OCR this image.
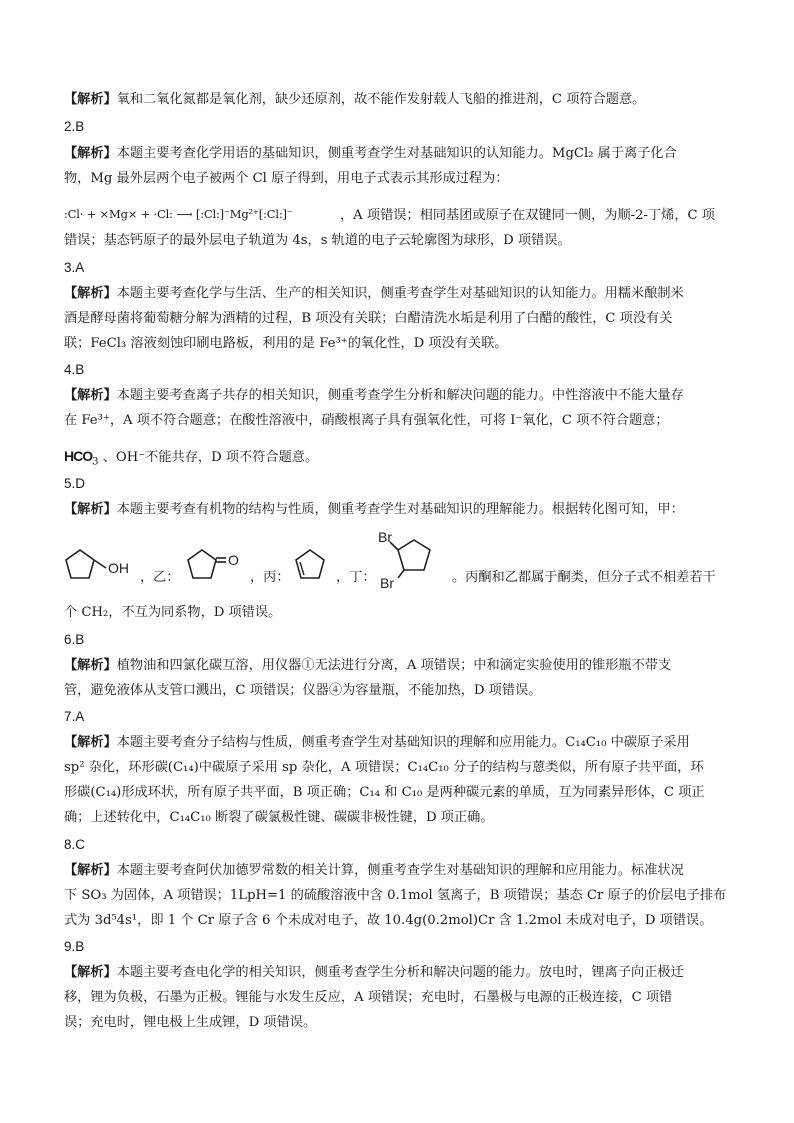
【解析】氧和二氧化氮都是氧化剂，缺少还原剂，故不能作发射载人飞船的推进剂，C 项符合题意。
2.B
【解析】本题主要考查化学用语的基础知识，侧重考查学生对基础知识的认知能力。MgCl₂ 属于离子化合
物，Mg 最外层两个电子被两个 Cl 原子得到，用电子式表示其形成过程为：
:Cl· + ×Mg× + ·Cl: ⟶ [:Cl:]⁻Mg²⁺[:Cl:]⁻	，A 项错误；相同基团或原子在双键同一侧，为顺-2-丁烯，C 项
错误；基态钙原子的最外层电子轨道为 4s，s 轨道的电子云轮廓图为球形，D 项错误。
3.A
【解析】本题主要考查化学与生活、生产的相关知识，侧重考查学生对基础知识的认知能力。用糯米酿制米
酒是酵母菌将葡萄糖分解为酒精的过程，B 项没有关联；白醋清洗水垢是利用了白醋的酸性，C 项没有关
联；FeCl₃ 溶液刻蚀印刷电路板，利用的是 Fe³⁺的氧化性，D 项没有关联。
4.B
【解析】本题主要考查离子共存的相关知识，侧重考查学生分析和解决问题的能力。中性溶液中不能大量存
在 Fe³⁺，A 项不符合题意；在酸性溶液中，硝酸根离子具有强氧化性，可将 I⁻氧化，C 项不符合题意；
$HCO_3$ 、OH⁻不能共存，D 项不符合题意。
5.D
【解析】本题主要考查有机物的结构与性质，侧重考查学生对基础知识的理解能力。根据转化图可知，甲：
OH
，乙：
O
，丙：	，丁：
Br
Br	。丙酮和乙都属于酮类，但分子式不相差若干
个 CH₂，不互为同系物，D 项错误。
6.B
【解析】植物油和四氯化碳互溶，用仪器①无法进行分离，A 项错误；中和滴定实验使用的锥形瓶不带支
管，避免液体从支管口溅出，C 项错误；仪器④为容量瓶，不能加热，D 项错误。
7.A
【解析】本题主要考查分子结构与性质，侧重考查学生对基础知识的理解和应用能力。C₁₄C₁₀ 中碳原子采用
sp² 杂化，环形碳(C₁₄)中碳原子采用 sp 杂化，A 项错误；C₁₄C₁₀ 分子的结构与蒽类似，所有原子共平面，环
形碳(C₁₄)形成环状，所有原子共平面，B 项正确；C₁₄ 和 C₁₀ 是两种碳元素的单质，互为同素异形体，C 项正
确；上述转化中，C₁₄C₁₀ 断裂了碳氯极性键、碳碳非极性键，D 项正确。
8.C
【解析】本题主要考查阿伏加德罗常数的相关计算，侧重考查学生对基础知识的理解和应用能力。标准状况
下 SO₃ 为固体，A 项错误；1LpH=1 的硫酸溶液中含 0.1mol 氢离子，B 项错误；基态 Cr 原子的价层电子排布
式为 3d⁵4s¹，即 1 个 Cr 原子含 6 个未成对电子，故 10.4g(0.2mol)Cr 含 1.2mol 未成对电子，D 项错误。
9.B
【解析】本题主要考查电化学的相关知识，侧重考查学生分析和解决问题的能力。放电时，锂离子向正极迁
移，锂为负极，石墨为正极。锂能与水发生反应，A 项错误；充电时，石墨极与电源的正极连接，C 项错
误；充电时，锂电极上生成锂，D 项错误。
